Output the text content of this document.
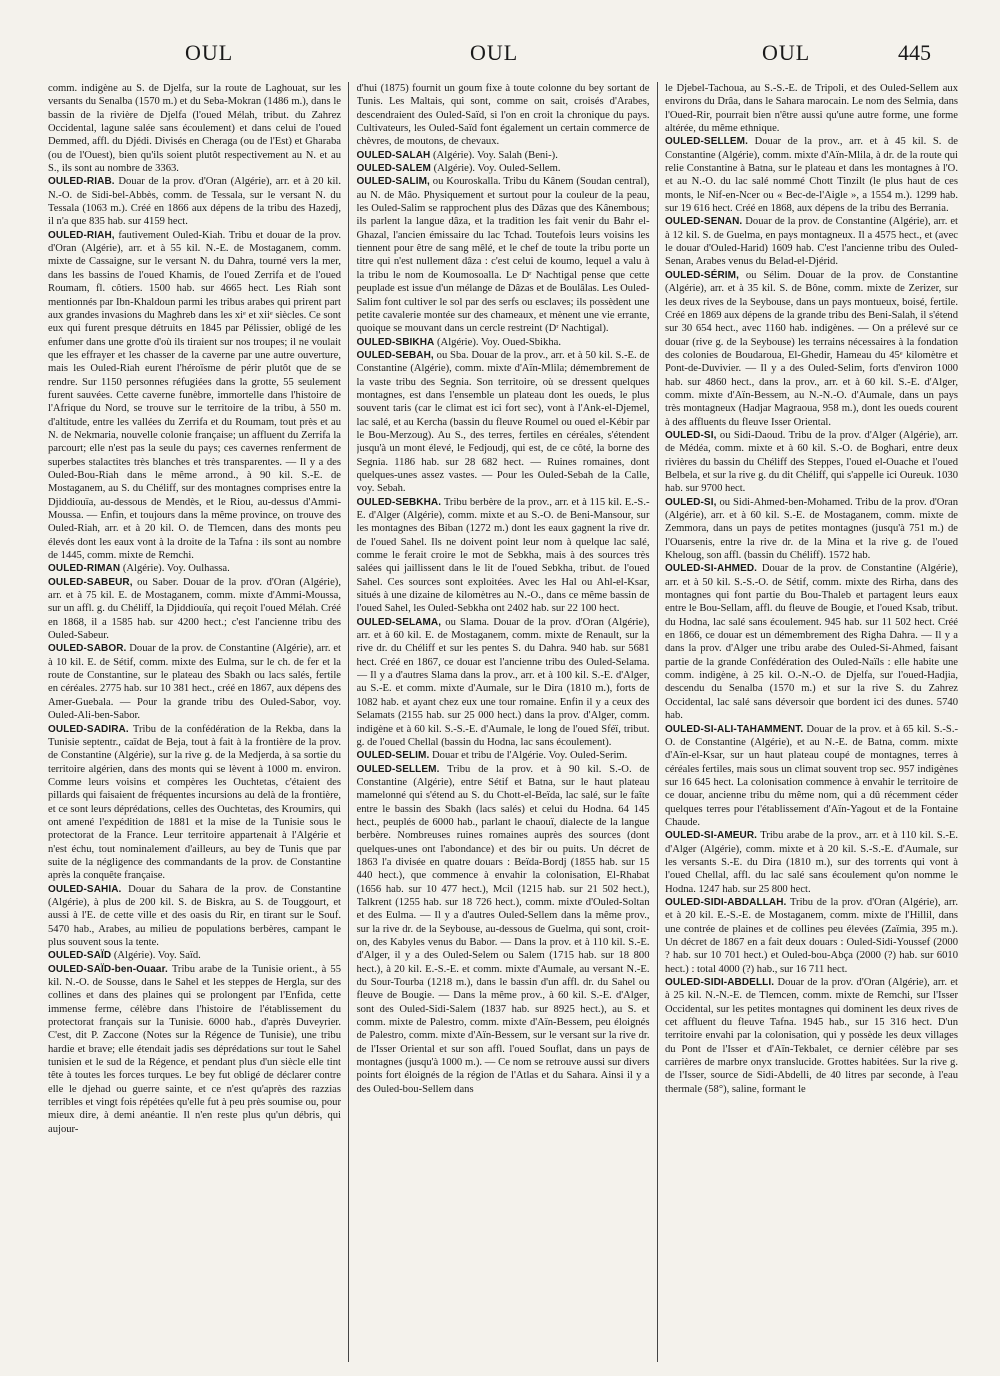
OUL	OUL	OUL	445

comm. indigène au S. de Djelfa, sur la route de Laghouat, sur les versants du Senalba (1570 m.) et du Seba-Mokran (1486 m.), dans le bassin de la rivière de Djelfa (l'oued Mélah, tribut. du Zahrez Occidental, lagune salée sans écoulement) et dans celui de l'oued Demmed, affl. du Djédi. Divisés en Cheraga (ou de l'Est) et Gharaba (ou de l'Ouest), bien qu'ils soient plutôt respectivement au N. et au S., ils sont au nombre de 3363.

OULED-RIAB. Douar de la prov. d'Oran (Algérie), arr. et à 20 kil. N.-O. de Sidi-bel-Abbès, comm. de Tessala, sur le versant N. du Tessala (1063 m.). Créé en 1866 aux dépens de la tribu des Hazedj, il n'a que 835 hab. sur 4159 hect.

OULED-RIAH, fautivement Ouled-Kiah. Tribu et douar de la prov. d'Oran (Algérie), arr. et à 55 kil. N.-E. de Mostaganem, comm. mixte de Cassaigne, sur le versant N. du Dahra, tourné vers la mer, dans les bassins de l'oued Khamis, de l'oued Zerrifa et de l'oued Roumam, fl. côtiers. 1500 hab. sur 4665 hect. Les Riah sont mentionnés par Ibn-Khaldoun parmi les tribus arabes qui prirent part aux grandes invasions du Maghreb dans les xiᵉ et xiiᵉ siècles. Ce sont eux qui furent presque détruits en 1845 par Pélissier, obligé de les enfumer dans une grotte d'où ils tiraient sur nos troupes; il ne voulait que les effrayer et les chasser de la caverne par une autre ouverture, mais les Ouled-Riah eurent l'héroïsme de périr plutôt que de se rendre. Sur 1150 personnes réfugiées dans la grotte, 55 seulement furent sauvées. Cette caverne funèbre, immortelle dans l'histoire de l'Afrique du Nord, se trouve sur le territoire de la tribu, à 550 m. d'altitude, entre les vallées du Zerrifa et du Roumam, tout près et au N. de Nekmaria, nouvelle colonie française; un affluent du Zerrifa la parcourt; elle n'est pas la seule du pays; ces cavernes renferment de superbes stalactites très blanches et très transparentes. — Il y a des Ouled-Bou-Riah dans le même arrond., à 90 kil. S.-E. de Mostaganem, au S. du Chéliff, sur des montagnes comprises entre la Djiddiouïa, au-dessous de Mendès, et le Riou, au-dessus d'Ammi-Moussa. — Enfin, et toujours dans la même province, on trouve des Ouled-Riah, arr. et à 20 kil. O. de Tlemcen, dans des monts peu élevés dont les eaux vont à la droite de la Tafna : ils sont au nombre de 1445, comm. mixte de Remchi.

OULED-RIMAN (Algérie). Voy. Oulhassa.

OULED-SABEUR, ou Saber. Douar de la prov. d'Oran (Algérie), arr. et à 75 kil. E. de Mostaganem, comm. mixte d'Ammi-Moussa, sur un affl. g. du Chéliff, la Djiddiouïa, qui reçoit l'oued Mélah. Créé en 1868, il a 1585 hab. sur 4200 hect.; c'est l'ancienne tribu des Ouled-Sabeur.

OULED-SABOR. Douar de la prov. de Constantine (Algérie), arr. et à 10 kil. E. de Sétif, comm. mixte des Eulma, sur le ch. de fer et la route de Constantine, sur le plateau des Sbakh ou lacs salés, fertile en céréales. 2775 hab. sur 10 381 hect., créé en 1867, aux dépens des Amer-Guebala. — Pour la grande tribu des Ouled-Sabor, voy. Ouled-Ali-ben-Sabor.

OULED-SADIRA. Tribu de la confédération de la Rekba, dans la Tunisie septentr., caïdat de Beja, tout à fait à la frontière de la prov. de Constantine (Algérie), sur la rive g. de la Medjerda, à sa sortie du territoire algérien, dans des monts qui se lèvent à 1000 m. environ. Comme leurs voisins et compères les Ouchtetas, c'étaient des pillards qui faisaient de fréquentes incursions au delà de la frontière, et ce sont leurs déprédations, celles des Ouchtetas, des Kroumirs, qui ont amené l'expédition de 1881 et la mise de la Tunisie sous le protectorat de la France. Leur territoire appartenait à l'Algérie et n'est échu, tout nominalement d'ailleurs, au bey de Tunis que par suite de la négligence des commandants de la prov. de Constantine après la conquête française.

OULED-SAHIA. Douar du Sahara de la prov. de Constantine (Algérie), à plus de 200 kil. S. de Biskra, au S. de Touggourt, et aussi à l'E. de cette ville et des oasis du Rir, en tirant sur le Souf. 5470 hab., Arabes, au milieu de populations berbères, campant le plus souvent sous la tente.

OULED-SAÏD (Algérie). Voy. Saïd.

OULED-SAÏD-ben-Ouaar. Tribu arabe de la Tunisie orient., à 55 kil. N.-O. de Sousse, dans le Sahel et les steppes de Hergla, sur des collines et dans des plaines qui se prolongent par l'Enfida, cette immense ferme, célèbre dans l'histoire de l'établissement du protectorat français sur la Tunisie. 6000 hab., d'après Duveyrier. C'est, dit P. Zaccone (Notes sur la Régence de Tunisie), une tribu hardie et brave; elle étendait jadis ses déprédations sur tout le Sahel tunisien et le sud de la Régence, et pendant plus d'un siècle elle tint tête à toutes les forces turques. Le bey fut obligé de déclarer contre elle le djehad ou guerre sainte, et ce n'est qu'après des razzias terribles et vingt fois répétées qu'elle fut à peu près soumise ou, pour mieux dire, à demi anéantie. Il n'en reste plus qu'un débris, qui aujour-

d'hui (1875) fournit un goum fixe à toute colonne du bey sortant de Tunis. Les Maltais, qui sont, comme on sait, croisés d'Arabes, descendraient des Ouled-Saïd, si l'on en croit la chronique du pays. Cultivateurs, les Ouled-Saïd font également un certain commerce de chèvres, de moutons, de chevaux.

OULED-SALAH (Algérie). Voy. Salah (Beni-).

OULED-SALEM (Algérie). Voy. Ouled-Sellem.

OULED-SALIM, ou Kouroskalla. Tribu du Kânem (Soudan central), au N. de Mâo. Physiquement et surtout pour la couleur de la peau, les Ouled-Salim se rapprochent plus des Dâzas que des Kânembous; ils parlent la langue dâza, et la tradition les fait venir du Bahr el-Ghazal, l'ancien émissaire du lac Tchad. Toutefois leurs voisins les tiennent pour être de sang mêlé, et le chef de toute la tribu porte un titre qui n'est nullement dâza : c'est celui de koumo, lequel a valu à la tribu le nom de Koumosoalla. Le Dʳ Nachtigal pense que cette peuplade est issue d'un mélange de Dâzas et de Boulâlas. Les Ouled-Salim font cultiver le sol par des serfs ou esclaves; ils possèdent une petite cavalerie montée sur des chameaux, et mènent une vie errante, quoique se mouvant dans un cercle restreint (Dʳ Nachtigal).

OULED-SBIKHA (Algérie). Voy. Oued-Sbikha.

OULED-SEBAH, ou Sba. Douar de la prov., arr. et à 50 kil. S.-E. de Constantine (Algérie), comm. mixte d'Aïn-Mlila; démembrement de la vaste tribu des Segnia. Son territoire, où se dressent quelques montagnes, est dans l'ensemble un plateau dont les oueds, le plus souvent taris (car le climat est ici fort sec), vont à l'Ank-el-Djemel, lac salé, et au Kercha (bassin du fleuve Roumel ou oued el-Kébir par le Bou-Merzoug). Au S., des terres, fertiles en céréales, s'étendent jusqu'à un mont élevé, le Fedjoudj, qui est, de ce côté, la borne des Segnia. 1186 hab. sur 28 682 hect. — Ruines romaines, dont quelques-unes assez vastes. — Pour les Ouled-Sebah de la Calle, voy. Sebah.

OULED-SEBKHA. Tribu berbère de la prov., arr. et à 115 kil. E.-S.-E. d'Alger (Algérie), comm. mixte et au S.-O. de Beni-Mansour, sur les montagnes des Biban (1272 m.) dont les eaux gagnent la rive dr. de l'oued Sahel. Ils ne doivent point leur nom à quelque lac salé, comme le ferait croire le mot de Sebkha, mais à des sources très salées qui jaillissent dans le lit de l'oued Sebkha, tribut. de l'oued Sahel. Ces sources sont exploitées. Avec les Hal ou Ahl-el-Ksar, situés à une dizaine de kilomètres au N.-O., dans ce même bassin de l'oued Sahel, les Ouled-Sebkha ont 2402 hab. sur 22 100 hect.

OULED-SELAMA, ou Slama. Douar de la prov. d'Oran (Algérie), arr. et à 60 kil. E. de Mostaganem, comm. mixte de Renault, sur la rive dr. du Chéliff et sur les pentes S. du Dahra. 940 hab. sur 5681 hect. Créé en 1867, ce douar est l'ancienne tribu des Ouled-Selama. — Il y a d'autres Slama dans la prov., arr. et à 100 kil. S.-E. d'Alger, au S.-E. et comm. mixte d'Aumale, sur le Dira (1810 m.), forts de 1082 hab. et ayant chez eux une tour romaine. Enfin il y a ceux des Selamats (2155 hab. sur 25 000 hect.) dans la prov. d'Alger, comm. indigène et à 60 kil. S.-S.-E. d'Aumale, le long de l'oued Sféï, tribut. g. de l'oued Chellal (bassin du Hodna, lac sans écoulement).

OULED-SELIM. Douar et tribu de l'Algérie. Voy. Ouled-Serim.

OULED-SELLEM. Tribu de la prov. et à 90 kil. S.-O. de Constantine (Algérie), entre Sétif et Batna, sur le haut plateau mamelonné qui s'étend au S. du Chott-el-Beïda, lac salé, sur le faîte entre le bassin des Sbakh (lacs salés) et celui du Hodna. 64 145 hect., peuplés de 6000 hab., parlant le chaouï, dialecte de la langue berbère. Nombreuses ruines romaines auprès des sources (dont quelques-unes ont l'abondance) et des bir ou puits. Un décret de 1863 l'a divisée en quatre douars : Beïda-Bordj (1855 hab. sur 15 440 hect.), que commence à envahir la colonisation, El-Rhabat (1656 hab. sur 10 477 hect.), Mcil (1215 hab. sur 21 502 hect.), Talkrent (1255 hab. sur 18 726 hect.), comm. mixte d'Ouled-Soltan et des Eulma. — Il y a d'autres Ouled-Sellem dans la même prov., sur la rive dr. de la Seybouse, au-dessous de Guelma, qui sont, croit-on, des Kabyles venus du Babor. — Dans la prov. et à 110 kil. S.-E. d'Alger, il y a des Ouled-Selem ou Salem (1715 hab. sur 18 800 hect.), à 20 kil. E.-S.-E. et comm. mixte d'Aumale, au versant N.-E. du Sour-Tourba (1218 m.), dans le bassin d'un affl. dr. du Sahel ou fleuve de Bougie. — Dans la même prov., à 60 kil. S.-E. d'Alger, sont des Ouled-Sidi-Salem (1837 hab. sur 8925 hect.), au S. et comm. mixte de Palestro, comm. mixte d'Aïn-Bessem, peu éloignés de Palestro, comm. mixte d'Aïn-Bessem, sur le versant sur la rive dr. de l'Isser Oriental et sur son affl. l'oued Souflat, dans un pays de montagnes (jusqu'à 1000 m.). — Ce nom se retrouve aussi sur divers points fort éloignés de la région de l'Atlas et du Sahara. Ainsi il y a des Ouled-bou-Sellem dans

le Djebel-Tachoua, au S.-S.-E. de Tripoli, et des Ouled-Sellem aux environs du Drâa, dans le Sahara marocain. Le nom des Selmia, dans l'Oued-Rir, pourrait bien n'être aussi qu'une autre forme, une forme altérée, du même ethnique.

OULED-SELLEM. Douar de la prov., arr. et à 45 kil. S. de Constantine (Algérie), comm. mixte d'Aïn-Mlila, à dr. de la route qui relie Constantine à Batna, sur le plateau et dans les montagnes à l'O. et au N.-O. du lac salé nommé Chott Tinzilt (le plus haut de ces monts, le Nif-en-Ncer ou « Bec-de-l'Aigle », a 1554 m.). 1299 hab. sur 19 616 hect. Créé en 1868, aux dépens de la tribu des Berrania.

OULED-SENAN. Douar de la prov. de Constantine (Algérie), arr. et à 12 kil. S. de Guelma, en pays montagneux. Il a 4575 hect., et (avec le douar d'Ouled-Harid) 1609 hab. C'est l'ancienne tribu des Ouled-Senan, Arabes venus du Belad-el-Djérid.

OULED-SÉRIM, ou Sélim. Douar de la prov. de Constantine (Algérie), arr. et à 35 kil. S. de Bône, comm. mixte de Zerizer, sur les deux rives de la Seybouse, dans un pays montueux, boisé, fertile. Créé en 1869 aux dépens de la grande tribu des Beni-Salah, il s'étend sur 30 654 hect., avec 1160 hab. indigènes. — On a prélevé sur ce douar (rive g. de la Seybouse) les terrains nécessaires à la fondation des colonies de Boudaroua, El-Ghedir, Hameau du 45ᵉ kilomètre et Pont-de-Duvivier. — Il y a des Ouled-Selim, forts d'environ 1000 hab. sur 4860 hect., dans la prov., arr. et à 60 kil. S.-E. d'Alger, comm. mixte d'Aïn-Bessem, au N.-N.-O. d'Aumale, dans un pays très montagneux (Hadjar Magraoua, 958 m.), dont les oueds courent à des affluents du fleuve Isser Oriental.

OULED-SI, ou Sidi-Daoud. Tribu de la prov. d'Alger (Algérie), arr. de Médéa, comm. mixte et à 60 kil. S.-O. de Boghari, entre deux rivières du bassin du Chéliff des Steppes, l'oued el-Ouache et l'oued Belbela, et sur la rive g. du dit Chéliff, qui s'appelle ici Oureuk. 1030 hab. sur 9700 hect.

OULED-SI, ou Sidi-Ahmed-ben-Mohamed. Tribu de la prov. d'Oran (Algérie), arr. et à 60 kil. S.-E. de Mostaganem, comm. mixte de Zemmora, dans un pays de petites montagnes (jusqu'à 751 m.) de l'Ouarsenis, entre la rive dr. de la Mina et la rive g. de l'oued Kheloug, son affl. (bassin du Chéliff). 1572 hab.

OULED-SI-AHMED. Douar de la prov. de Constantine (Algérie), arr. et à 50 kil. S.-S.-O. de Sétif, comm. mixte des Rirha, dans des montagnes qui font partie du Bou-Thaleb et partagent leurs eaux entre le Bou-Sellam, affl. du fleuve de Bougie, et l'oued Ksab, tribut. du Hodna, lac salé sans écoulement. 945 hab. sur 11 502 hect. Créé en 1866, ce douar est un démembrement des Righa Dahra. — Il y a dans la prov. d'Alger une tribu arabe des Ouled-Si-Ahmed, faisant partie de la grande Confédération des Ouled-Naïls : elle habite une comm. indigène, à 25 kil. O.-N.-O. de Djelfa, sur l'oued-Hadjia, descendu du Senalba (1570 m.) et sur la rive S. du Zahrez Occidental, lac salé sans déversoir que bordent ici des dunes. 5740 hab.

OULED-SI-ALI-TAHAMMENT. Douar de la prov. et à 65 kil. S.-S.-O. de Constantine (Algérie), et au N.-E. de Batna, comm. mixte d'Aïn-el-Ksar, sur un haut plateau coupé de montagnes, terres à céréales fertiles, mais sous un climat souvent trop sec. 957 indigènes sur 16 645 hect. La colonisation commence à envahir le territoire de ce douar, ancienne tribu du même nom, qui a dû récemment céder quelques terres pour l'établissement d'Aïn-Yagout et de la Fontaine Chaude.

OULED-SI-AMEUR. Tribu arabe de la prov., arr. et à 110 kil. S.-E. d'Alger (Algérie), comm. mixte et à 20 kil. S.-S.-E. d'Aumale, sur les versants S.-E. du Dira (1810 m.), sur des torrents qui vont à l'oued Chellal, affl. du lac salé sans écoulement qu'on nomme le Hodna. 1247 hab. sur 25 800 hect.

OULED-SIDI-ABDALLAH. Tribu de la prov. d'Oran (Algérie), arr. et à 20 kil. E.-S.-E. de Mostaganem, comm. mixte de l'Hillil, dans une contrée de plaines et de collines peu élevées (Zaïmia, 395 m.). Un décret de 1867 en a fait deux douars : Ouled-Sidi-Youssef (2000 ? hab. sur 10 701 hect.) et Ouled-bou-Abça (2000 (?) hab. sur 6010 hect.) : total 4000 (?) hab., sur 16 711 hect.

OULED-SIDI-ABDELLI. Douar de la prov. d'Oran (Algérie), arr. et à 25 kil. N.-N.-E. de Tlemcen, comm. mixte de Remchi, sur l'Isser Occidental, sur les petites montagnes qui dominent les deux rives de cet affluent du fleuve Tafna. 1945 hab., sur 15 316 hect. D'un territoire envahi par la colonisation, qui y possède les deux villages du Pont de l'Isser et d'Aïn-Tekbalet, ce dernier célèbre par ses carrières de marbre onyx translucide. Grottes habitées. Sur la rive g. de l'Isser, source de Sidi-Abdelli, de 40 litres par seconde, à l'eau thermale (58°), saline, formant le
